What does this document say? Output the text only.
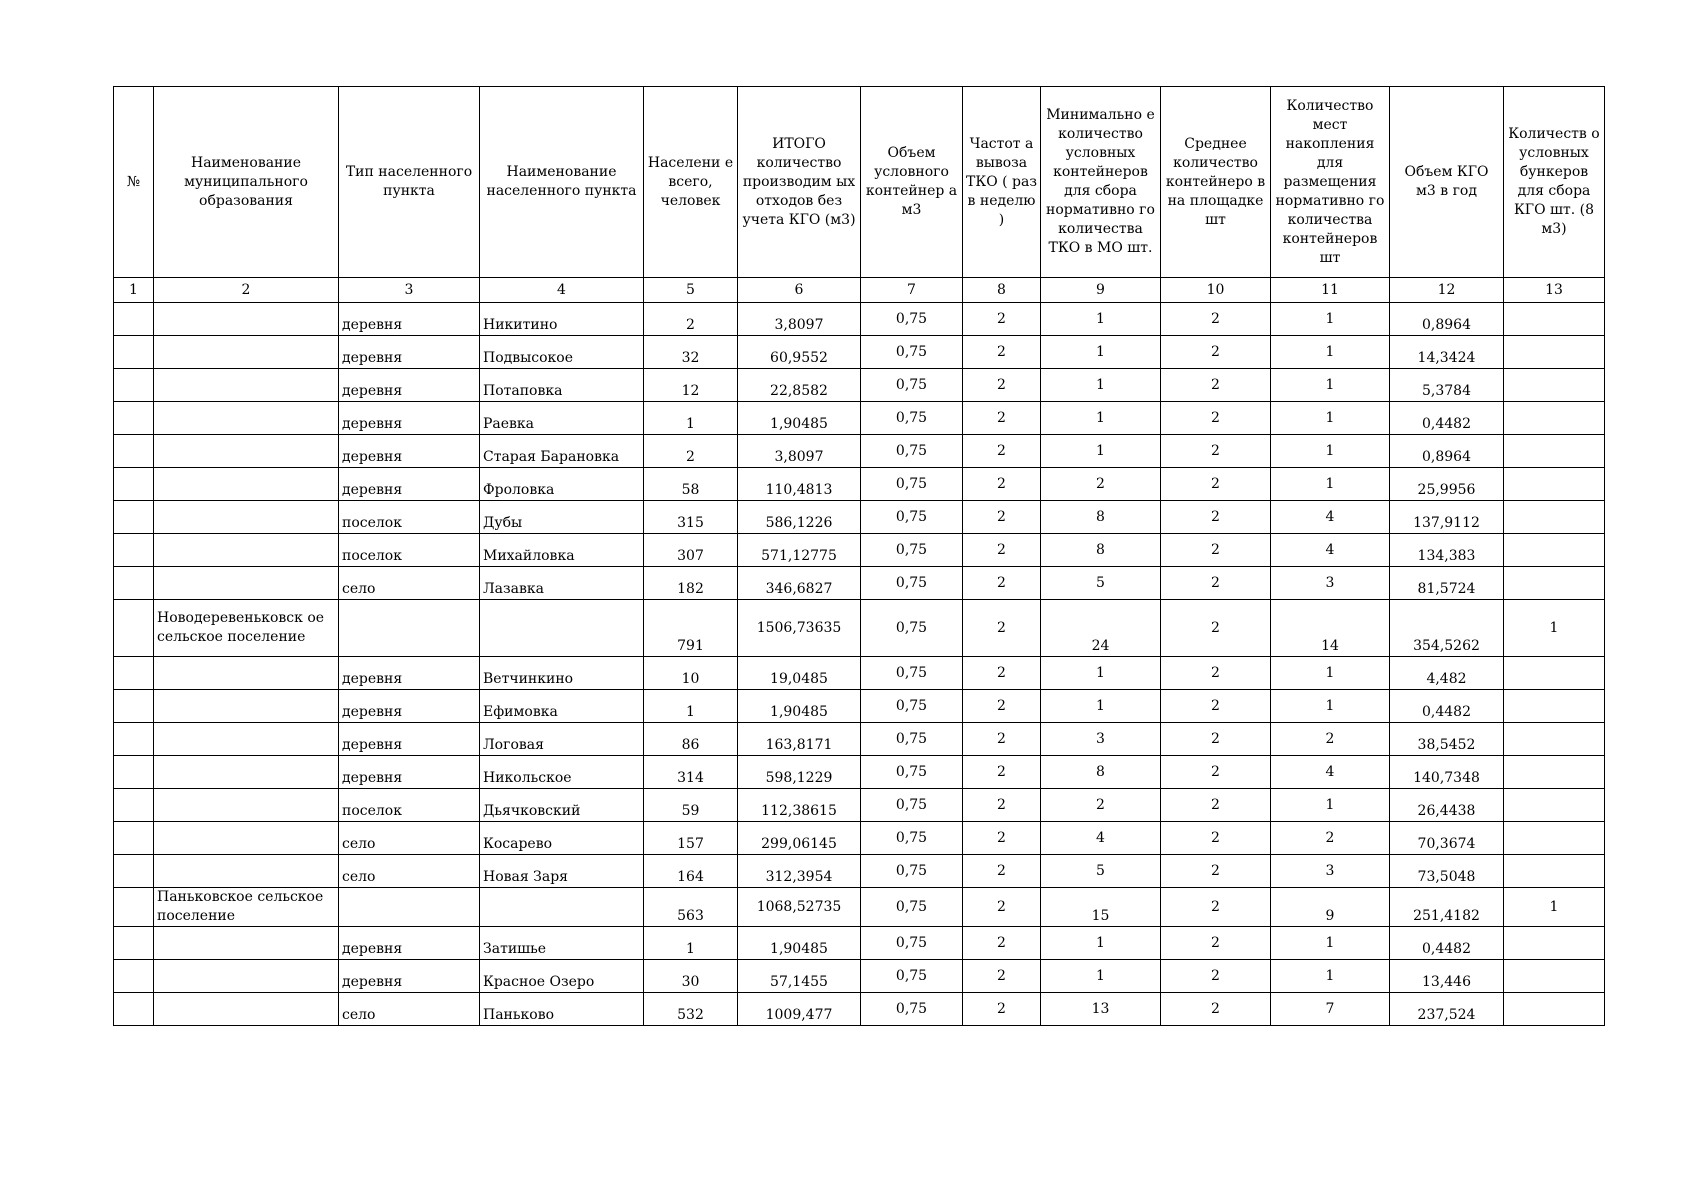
№	Наименование муниципального образования	Тип населенного пункта	Наименование населенного пункта	Населени е всего, человек	ИТОГО количество производим ых отходов без учета КГО (м3)	Объем условного контейнер а м3	Частот а вывоза ТКО ( раз в неделю )	Минимально е количество условных контейнеров для сбора нормативно го количества ТКО в МО шт.	Среднее количество контейнеро в на площадке шт	Количество мест накопления для размещения нормативно го количества контейнеров шт	Объем КГО м3 в год	Количеств о условных бункеров для сбора КГО шт. (8 м3)
1	2	3	4	5	6	7	8	9	10	11	12	13
		деревня	Никитино	2	3,8097	0,75	2	1	2	1	0,8964	
		деревня	Подвысокое	32	60,9552	0,75	2	1	2	1	14,3424	
		деревня	Потаповка	12	22,8582	0,75	2	1	2	1	5,3784	
		деревня	Раевка	1	1,90485	0,75	2	1	2	1	0,4482	
		деревня	Старая Барановка	2	3,8097	0,75	2	1	2	1	0,8964	
		деревня	Фроловка	58	110,4813	0,75	2	2	2	1	25,9956	
		поселок	Дубы	315	586,1226	0,75	2	8	2	4	137,9112	
		поселок	Михайловка	307	571,12775	0,75	2	8	2	4	134,383	
		село	Лазавка	182	346,6827	0,75	2	5	2	3	81,5724	
	Новодеревеньковск ое сельское поселение			791	1506,73635	0,75	2	24	2	14	354,5262	1
		деревня	Ветчинкино	10	19,0485	0,75	2	1	2	1	4,482	
		деревня	Ефимовка	1	1,90485	0,75	2	1	2	1	0,4482	
		деревня	Логовая	86	163,8171	0,75	2	3	2	2	38,5452	
		деревня	Никольское	314	598,1229	0,75	2	8	2	4	140,7348	
		поселок	Дьячковский	59	112,38615	0,75	2	2	2	1	26,4438	
		село	Косарево	157	299,06145	0,75	2	4	2	2	70,3674	
		село	Новая Заря	164	312,3954	0,75	2	5	2	3	73,5048	
	Паньковское сельское поселение			563	1068,52735	0,75	2	15	2	9	251,4182	1
		деревня	Затишье	1	1,90485	0,75	2	1	2	1	0,4482	
		деревня	Красное Озеро	30	57,1455	0,75	2	1	2	1	13,446	
		село	Паньково	532	1009,477	0,75	2	13	2	7	237,524	
